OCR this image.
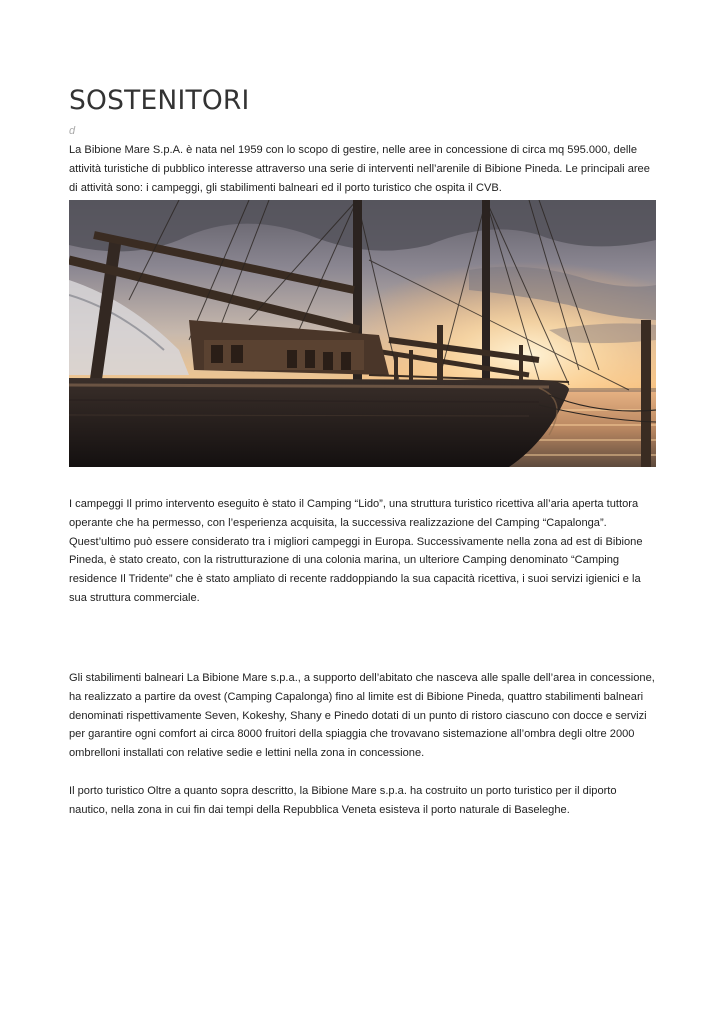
SOSTENITORI
d

La Bibione Mare S.p.A. è nata nel 1959 con lo scopo di gestire, nelle aree in concessione di circa mq 595.000, delle attività turistiche di pubblico interesse attraverso una serie di interventi nell’arenile di Bibione Pineda. Le principali aree di attività sono: i campeggi, gli stabilimenti balneari ed il porto turistico che ospita il CVB.

I campeggi Il primo intervento eseguito è stato il Camping “Lido”, una struttura turistico ricettiva all’aria aperta tuttora operante che ha permesso, con l’esperienza acquisita, la successiva realizzazione del Camping “Capalonga”. Quest’ultimo può essere considerato tra i migliori campeggi in Europa. Successivamente nella zona ad est di Bibione Pineda, è stato creato, con la ristrutturazione di una colonia marina, un ulteriore Camping denominato “Camping residence Il Tridente” che è stato ampliato di recente raddoppiando la sua capacità ricettiva, i suoi servizi igienici e la sua struttura commerciale.

Gli stabilimenti balneari La Bibione Mare s.p.a., a supporto dell’abitato che nasceva alle spalle dell’area in concessione, ha realizzato a partire da ovest (Camping Capalonga) fino al limite est di Bibione Pineda, quattro stabilimenti balneari denominati rispettivamente Seven, Kokeshy, Shany e Pinedo dotati di un punto di ristoro ciascuno con docce e servizi per garantire ogni comfort ai circa 8000 fruitori della spiaggia che trovavano sistemazione all’ombra degli oltre 2000 ombrelloni installati con relative sedie e lettini nella zona in concessione.

Il porto turistico Oltre a quanto sopra descritto, la Bibione Mare s.p.a. ha costruito un porto turistico per il diporto nautico, nella zona in cui fin dai tempi della Repubblica Veneta esisteva il porto naturale di Baseleghe.
